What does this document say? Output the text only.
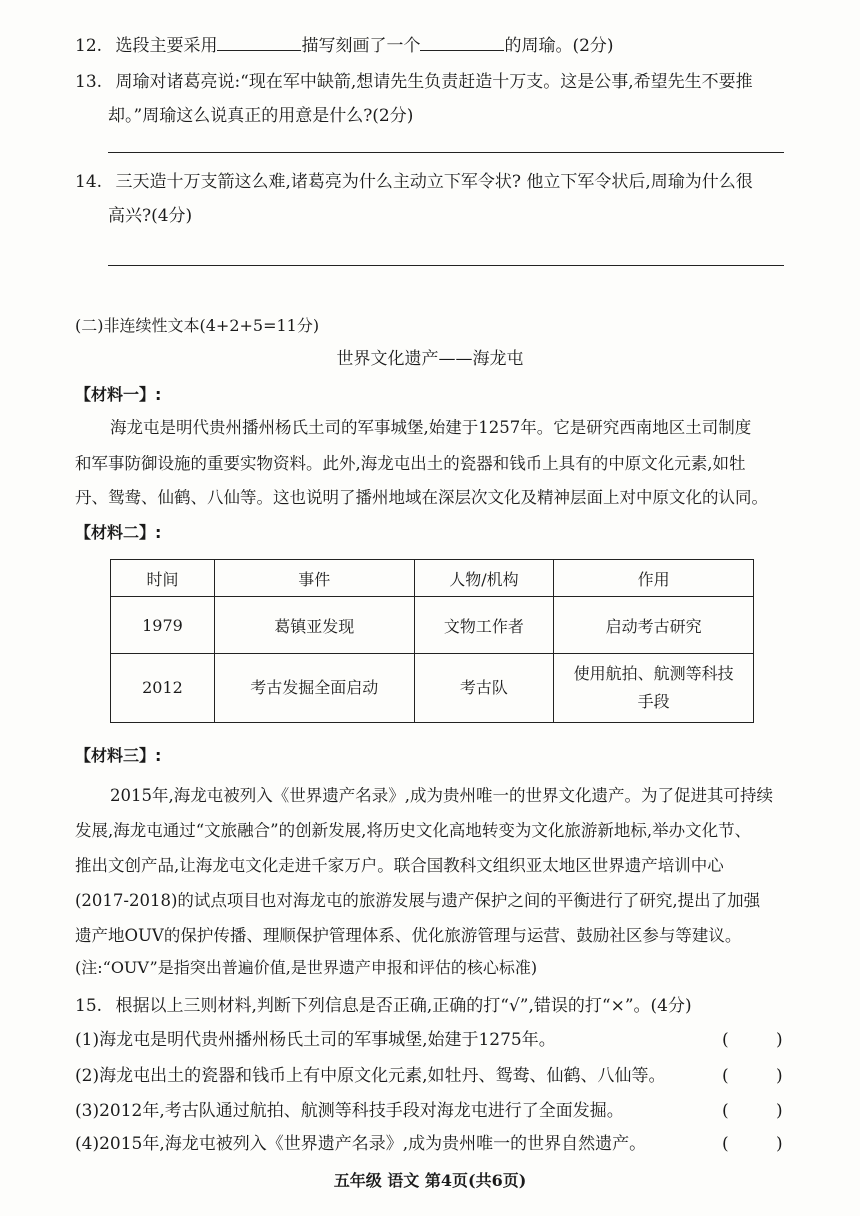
12. 选段主要采用	描写刻画了一个	的周瑜。(2分)
13. 周瑜对诸葛亮说:“现在军中缺箭,想请先生负责赶造十万支。这是公事,希望先生不要推
却。”周瑜这么说真正的用意是什么?(2分)
14. 三天造十万支箭这么难,诸葛亮为什么主动立下军令状? 他立下军令状后,周瑜为什么很
高兴?(4分)
(二)非连续性文本(4+2+5=11分)
世界文化遗产——海龙屯
【材料一】:
海龙屯是明代贵州播州杨氏土司的军事城堡,始建于1257年。它是研究西南地区土司制度
和军事防御设施的重要实物资料。此外,海龙屯出土的瓷器和钱币上具有的中原文化元素,如牡
丹、鸳鸯、仙鹤、八仙等。这也说明了播州地域在深层次文化及精神层面上对中原文化的认同。
【材料二】:
时间	事件	人物/机构	作用
1979	葛镇亚发现	文物工作者	启动考古研究
2012	考古发掘全面启动	考古队	使用航拍、航测等科技
手段
【材料三】:
2015年,海龙屯被列入《世界遗产名录》,成为贵州唯一的世界文化遗产。为了促进其可持续
发展,海龙屯通过“文旅融合”的创新发展,将历史文化高地转变为文化旅游新地标,举办文化节、
推出文创产品,让海龙屯文化走进千家万户。联合国教科文组织亚太地区世界遗产培训中心
(2017-2018)的试点项目也对海龙屯的旅游发展与遗产保护之间的平衡进行了研究,提出了加强
遗产地OUV的保护传播、理顺保护管理体系、优化旅游管理与运营、鼓励社区参与等建议。
(注:“OUV”是指突出普遍价值,是世界遗产申报和评估的核心标准)
15. 根据以上三则材料,判断下列信息是否正确,正确的打“√”,错误的打“×”。(4分)
(1)海龙屯是明代贵州播州杨氏土司的军事城堡,始建于1275年。	(	)
(2)海龙屯出土的瓷器和钱币上有中原文化元素,如牡丹、鸳鸯、仙鹤、八仙等。	(	)
(3)2012年,考古队通过航拍、航测等科技手段对海龙屯进行了全面发掘。	(	)
(4)2015年,海龙屯被列入《世界遗产名录》,成为贵州唯一的世界自然遗产。	(	)
五年级 语文 第4页(共6页)
